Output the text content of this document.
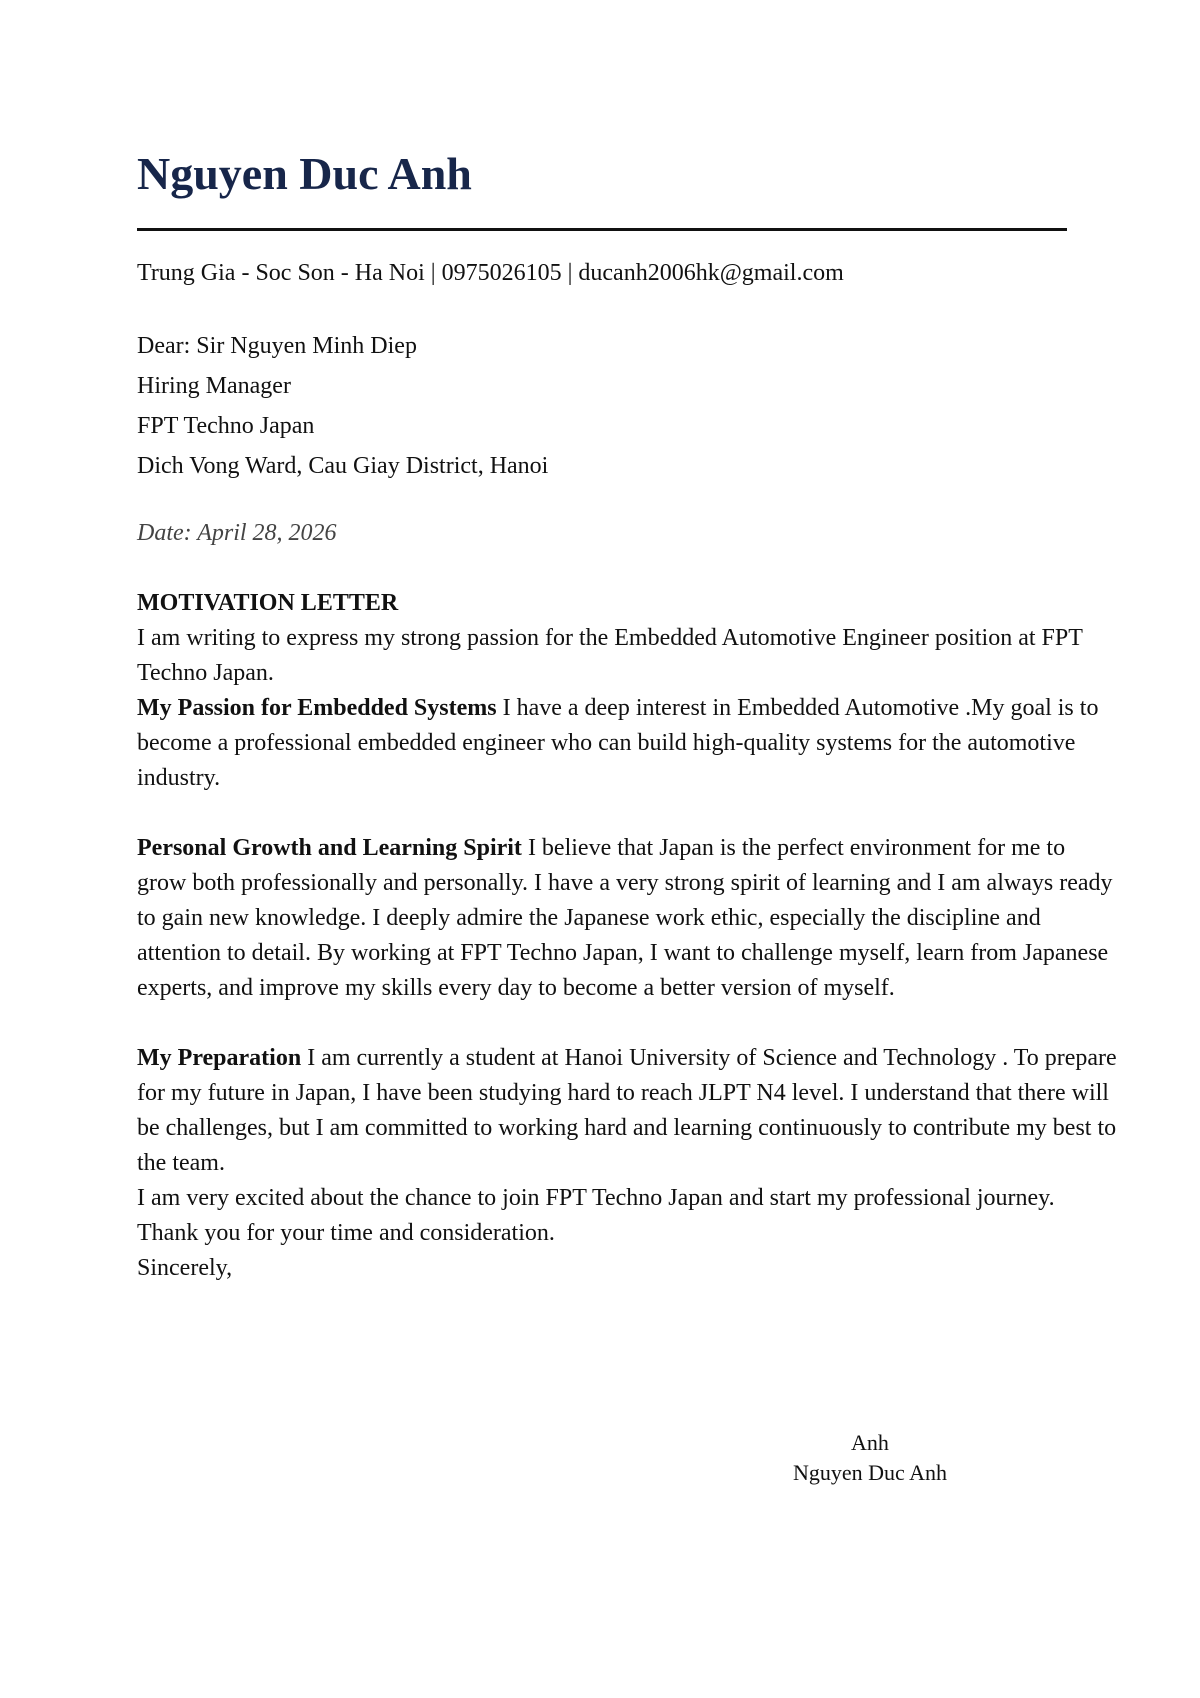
Nguyen Duc Anh
Trung Gia - Soc Son - Ha Noi | 0975026105 | ducanh2006hk@gmail.com
Dear: Sir Nguyen Minh Diep
Hiring Manager
FPT Techno Japan
Dich Vong Ward, Cau Giay District, Hanoi
Date: April 28, 2026

MOTIVATION LETTER

I am writing to express my strong passion for the Embedded Automotive Engineer position at FPT Techno Japan.

My Passion for Embedded Systems I have a deep interest in Embedded Automotive .My goal is to become a professional embedded engineer who can build high-quality systems for the automotive industry.

Personal Growth and Learning Spirit I believe that Japan is the perfect environment for me to grow both professionally and personally. I have a very strong spirit of learning and I am always ready to gain new knowledge. I deeply admire the Japanese work ethic, especially the discipline and attention to detail. By working at FPT Techno Japan, I want to challenge myself, learn from Japanese experts, and improve my skills every day to become a better version of myself.

My Preparation I am currently a student at Hanoi University of Science and Technology . To prepare for my future in Japan, I have been studying hard to reach JLPT N4 level. I understand that there will be challenges, but I am committed to working hard and learning continuously to contribute my best to the team.

I am very excited about the chance to join FPT Techno Japan and start my professional journey. Thank you for your time and consideration.

Sincerely,

Anh
Nguyen Duc Anh
